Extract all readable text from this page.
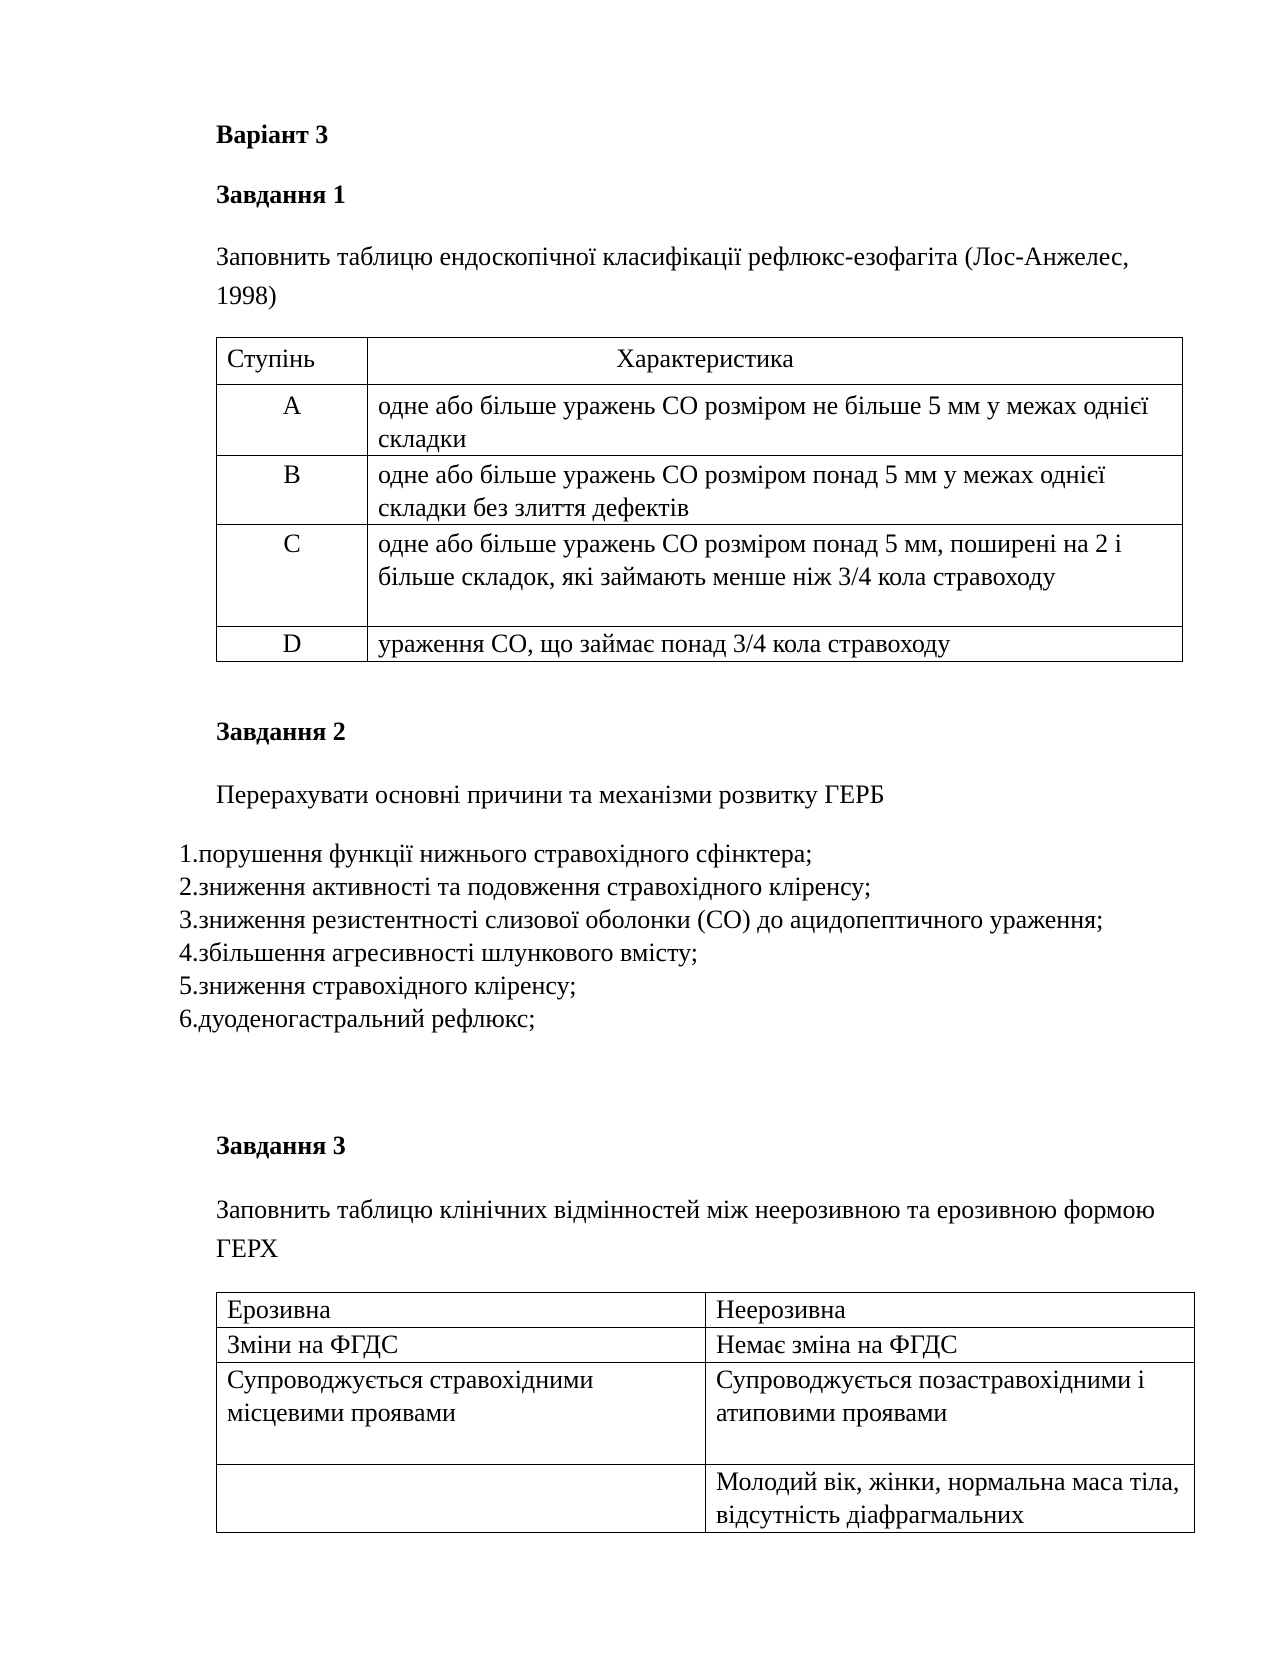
Варіант 3
Завдання 1

Заповнить таблицю ендоскопічної класифікації рефлюкс-езофагіта (Лос-Анжелес, 1998)

Ступінь	Характеристика
A	одне або більше уражень СО розміром не більше 5 мм у межах однієї складки
B	одне або більше уражень СО розміром понад 5 мм у межах однієї складки без злиття дефектів
C	одне або більше уражень СО розміром понад 5 мм, поширені на 2 і більше складок, які займають менше ніж 3/4 кола стравоходу
D	ураження СО, що займає понад 3/4 кола стравоходу
Завдання 2

Перерахувати основні причини та механізми розвитку ГЕРБ

1.порушення функції нижнього стравохідного сфінктера;
2.зниження активності та подовження стравохідного кліренсу;
3.зниження резистентності слизової оболонки (СО) до ацидопептичного ураження;
4.збільшення агресивності шлункового вмісту;
5.зниження стравохідного кліренсу;
6.дуоденогастральний рефлюкс;
Завдання 3

Заповнить таблицю клінічних відмінностей між неерозивною та ерозивною формою ГЕРХ

Ерозивна	Неерозивна
Зміни на ФГДС	Немає зміна на ФГДС
Супроводжується стравохідними місцевими проявами	Супроводжується позастравохідними і атиповими проявами
	Молодий вік, жінки, нормальна маса тіла, відсутність діафрагмальних
